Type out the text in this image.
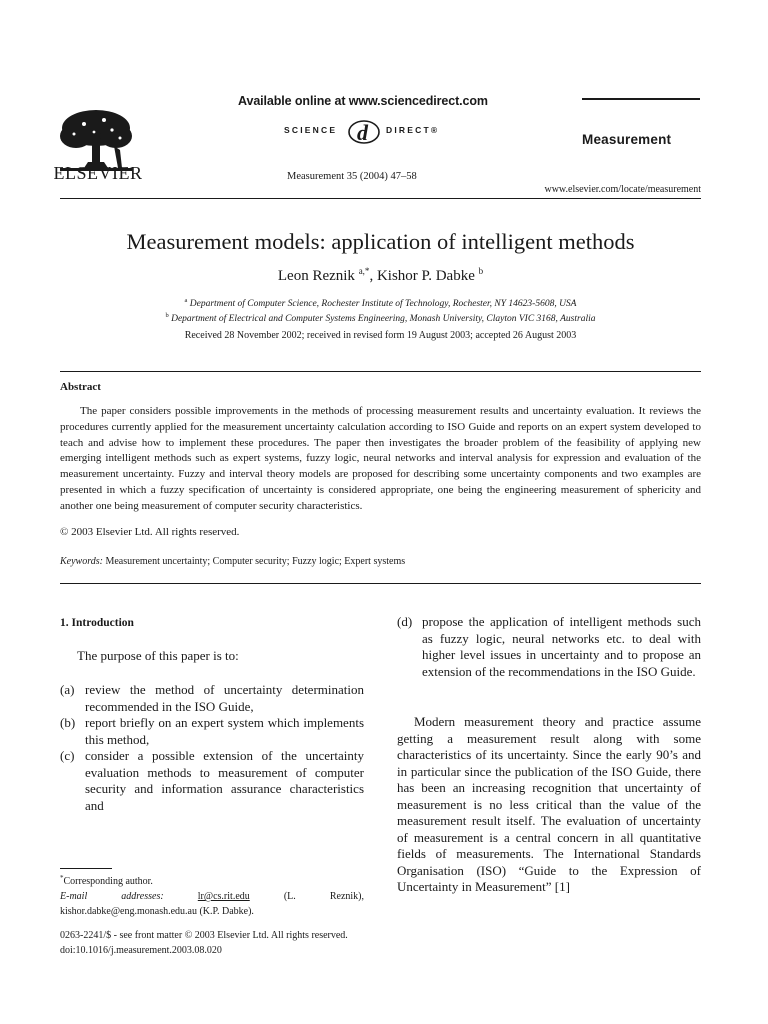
ELSEVIER
Available online at www.sciencedirect.com
SCIENCE d DIRECT®
Measurement 35 (2004) 47–58
Measurement
www.elsevier.com/locate/measurement
Measurement models: application of intelligent methods
Leon Reznik $^{a,*}$, Kishor P. Dabke $^b$
$^a$ Department of Computer Science, Rochester Institute of Technology, Rochester, NY 14623-5608, USA
$^b$ Department of Electrical and Computer Systems Engineering, Monash University, Clayton VIC 3168, Australia
Received 28 November 2002; received in revised form 19 August 2003; accepted 26 August 2003
Abstract
The paper considers possible improvements in the methods of processing measurement results and uncertainty evaluation. It reviews the procedures currently applied for the measurement uncertainty calculation according to ISO Guide and reports on an expert system developed to teach and advise how to implement these procedures. The paper then investigates the broader problem of the feasibility of applying new emerging intelligent methods such as expert systems, fuzzy logic, neural networks and interval analysis for expression and evaluation of the measurement uncertainty. Fuzzy and interval theory models are proposed for describing some uncertainty components and two examples are presented in which a fuzzy specification of uncertainty is considered appropriate, one being the engineering measurement of sphericity and another one being measurement of computer security characteristics.
© 2003 Elsevier Ltd. All rights reserved.
Keywords: Measurement uncertainty; Computer security; Fuzzy logic; Expert systems
1. Introduction
The purpose of this paper is to:
(a) review the method of uncertainty determination recommended in the ISO Guide,
(b) report briefly on an expert system which implements this method,
(c) consider a possible extension of the uncertainty evaluation methods to measurement of computer security and information assurance characteristics and
*Corresponding author.
E-mail addresses:	lr@cs.rit.edu	(L. Reznik), kishor.dabke@eng.monash.edu.au (K.P. Dabke).
(d) propose the application of intelligent methods such as fuzzy logic, neural networks etc. to deal with higher level issues in uncertainty and to propose an extension of the recommendations in the ISO Guide.
Modern measurement theory and practice assume getting a measurement result along with some characteristics of its uncertainty. Since the early 90’s and in particular since the publication of the ISO Guide, there has been an increasing recognition that uncertainty of measurement is no less critical than the value of the measurement result itself. The evaluation of uncertainty of measurement is a central concern in all quantitative fields of measurements. The International Standards Organisation (ISO) “Guide to the Expression of Uncertainty in Measurement” [1]
0263-2241/$ - see front matter © 2003 Elsevier Ltd. All rights reserved.
doi:10.1016/j.measurement.2003.08.020
